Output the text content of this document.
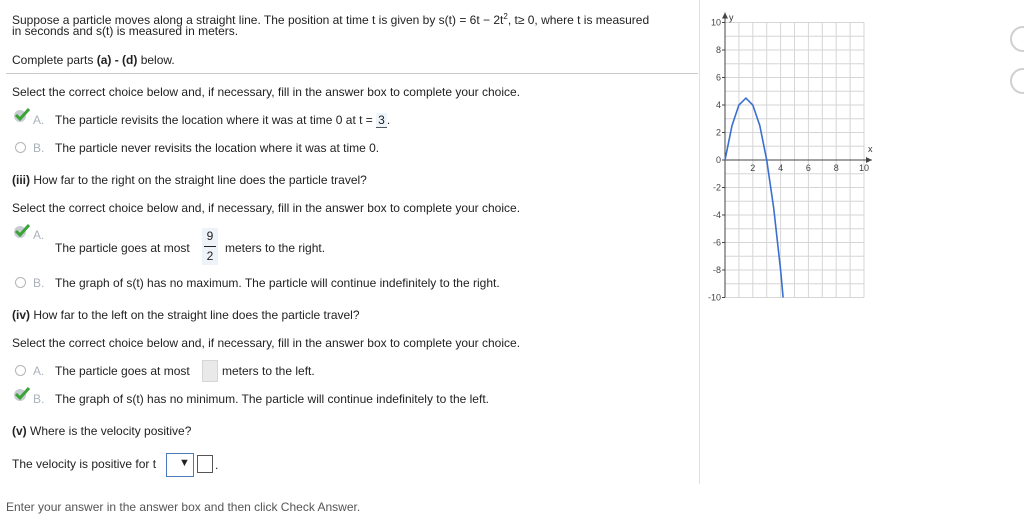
Suppose a particle moves along a straight line. The position at time t is given by $s(t) = 6t - 2t^2$, t≥ 0, where t is measured
in seconds and s(t) is measured in meters.
Complete parts (a) - (d) below.
Select the correct choice below and, if necessary, fill in the answer box to complete your choice.
A. The particle revisits the location where it was at time 0 at t = 3 .
B. The particle never revisits the location where it was at time 0.
(iii) How far to the right on the straight line does the particle travel?
Select the correct choice below and, if necessary, fill in the answer box to complete your choice.
A.
The particle goes at most
9
2
meters to the right.
B. The graph of s(t) has no maximum. The particle will continue indefinitely to the right.
(iv) How far to the left on the straight line does the particle travel?
Select the correct choice below and, if necessary, fill in the answer box to complete your choice.
A. The particle goes at most	meters to the left.
B. The graph of s(t) has no minimum. The particle will continue indefinitely to the left.
(v) Where is the velocity positive?
The velocity is positive for t ▼ .
Enter your answer in the answer box and then click Check Answer.
10
8
6
4
2
0
-2
-4
-6
-8
-10
2	4	6	8 10
x
y
